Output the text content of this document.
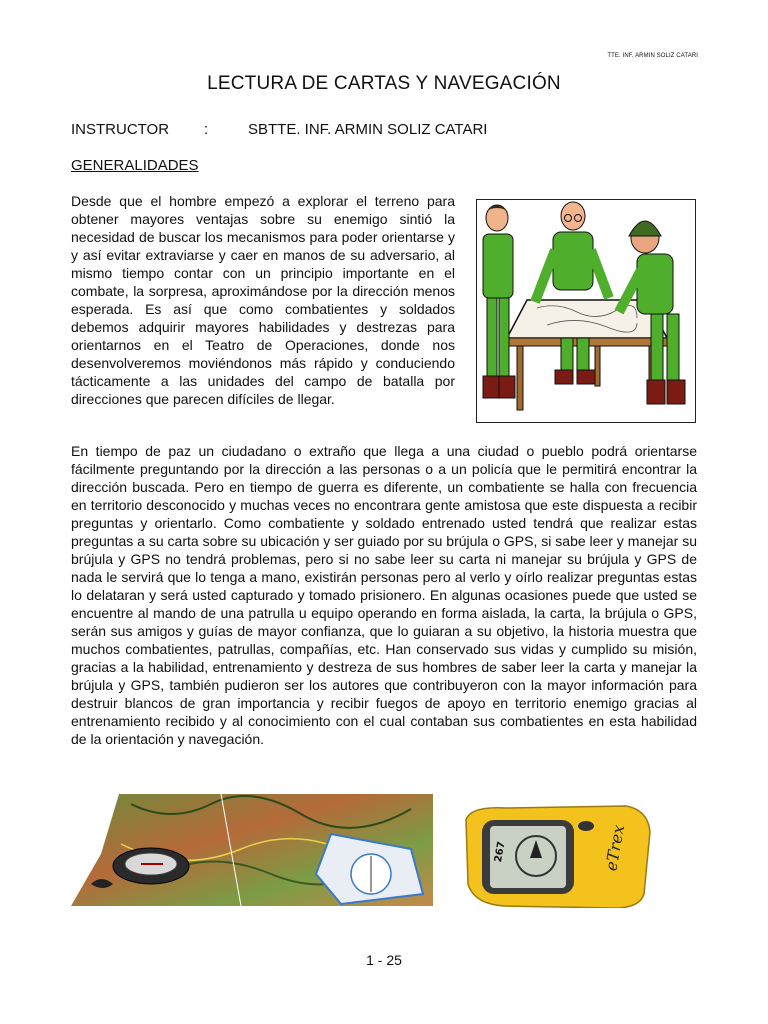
TTE. INF. ARMIN SOLIZ CATARI
LECTURA DE CARTAS Y NAVEGACIÓN
INSTRUCTOR :	SBTTE. INF. ARMIN SOLIZ CATARI
GENERALIDADES

Desde que el hombre empezó a explorar el terreno para obtener mayores ventajas sobre su enemigo sintió la necesidad de buscar los mecanismos para poder orientarse y y así evitar extraviarse y caer en manos de su adversario, al mismo tiempo contar con un principio importante en el combate, la sorpresa, aproximándose por la dirección menos esperada. Es así que como combatientes y soldados debemos adquirir mayores habilidades y destrezas para orientarnos en el Teatro de Operaciones, donde nos desenvolveremos moviéndonos más rápido y conduciendo tácticamente a las unidades del campo de batalla por direcciones que parecen difíciles de llegar.

En tiempo de paz un ciudadano o extraño que llega a una ciudad o pueblo podrá orientarse fácilmente preguntando por la dirección a las personas o a un policía que le permitirá encontrar la dirección buscada. Pero en tiempo de guerra es diferente, un combatiente se halla con frecuencia en territorio desconocido y muchas veces no encontrara gente amistosa que este dispuesta a recibir preguntas y orientarlo. Como combatiente y soldado entrenado usted tendrá que realizar estas preguntas a su carta sobre su ubicación y ser guiado por su brújula o GPS, si sabe leer y manejar su brújula y GPS no tendrá problemas, pero si no sabe leer su carta ni manejar su brújula y GPS de nada le servirá que lo tenga a mano, existirán personas pero al verlo y oírlo realizar preguntas estas lo delataran y será usted capturado y tomado prisionero. En algunas ocasiones puede que usted se encuentre al mando de una patrulla u equipo operando en forma aislada, la carta, la brújula o GPS, serán sus amigos y guías de mayor confianza, que lo guiaran a su objetivo, la historia muestra que muchos combatientes, patrullas, compañías, etc. Han conservado sus vidas y cumplido su misión, gracias a la habilidad, entrenamiento y destreza de sus hombres de saber leer la carta y manejar la brújula y GPS, también pudieron ser los autores que contribuyeron con la mayor información para destruir blancos de gran importancia y recibir fuegos de apoyo en territorio enemigo gracias al entrenamiento recibido y al conocimiento con el cual contaban sus combatientes en esta habilidad de la orientación y navegación.

267	eTrex
1 - 25
